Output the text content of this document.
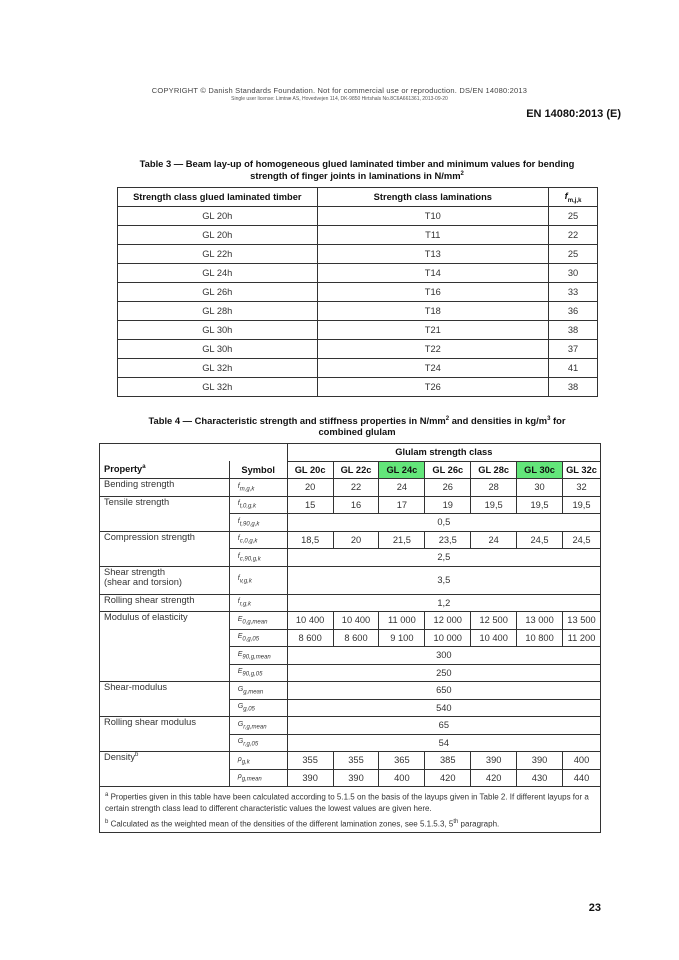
COPYRIGHT © Danish Standards Foundation. Not for commercial use or reproduction. DS/EN 14080:2013
Single user license: Limtræ AS, Hovedvejen 114, DK-9850 Hirtshals No.8C6A661361, 2013-09-20
EN 14080:2013 (E)
Table 3 — Beam lay-up of homogeneous glued laminated timber and minimum values for bending
strength of finger joints in laminations in $N/mm^2$
Strength class glued laminated timber	Strength class laminations	$f_{m,j,k}$
GL 20h	T10	25
GL 20h	T11	22
GL 22h	T13	25
GL 24h	T14	30
GL 26h	T16	33
GL 28h	T18	36
GL 30h	T21	38
GL 30h	T22	37
GL 32h	T24	41
GL 32h	T26	38
Table 4 — Characteristic strength and stiffness properties in $N/mm^2$ and densities in $kg/m^3$ for
combined glulam
		Glulam strength class						
Property$^a$	Symbol	GL 20c	GL 22c	GL 24c	GL 26c	GL 28c	GL 30c	GL 32c
Bending strength	$f_{m,g,k}$	20	22	24	26	28	30	32
Tensile strength	$f_{t,0,g,k}$	15	16	17	19	19,5	19,5	19,5
	$f_{t,90,g,k}$	0,5						
Compression strength	$f_{c,0,g,k}$	18,5	20	21,5	23,5	24	24,5	24,5
	$f_{c,90,g,k}$	2,5						

Shear strength
(shear and torsion)	$f_{v,g,k}$	3,5						
Rolling shear strength	$f_{r,g,k}$	1,2						
Modulus of elasticity	$E_{0,g,mean}$	10 400	10 400	11 000	12 000	12 500	13 000	13 500
	$E_{0,g,05}$	8 600	8 600	9 100	10 000	10 400	10 800	11 200
	$E_{90,g,mean}$	300						
	$E_{90,g,05}$	250						
Shear-modulus	$G_{g,mean}$	650						
	$G_{g,05}$	540						
Rolling shear modulus	$G_{r,g,mean}$	65						
	$G_{r,g,05}$	54						
Density$^b$	$\rho_{g,k}$	355	355	365	385	390	390	400
	$\rho_{g,mean}$	390	390	400	420	420	430	440

$^a$ Properties given in this table have been calculated according to 5.1.5 on the basis of the layups given in Table 2. If different layups for a certain strength class lead to different characteristic values the lowest values are given here.
$^b$ Calculated as the weighted mean of the densities of the different lamination zones, see 5.1.5.3, 5th paragraph.								
23
